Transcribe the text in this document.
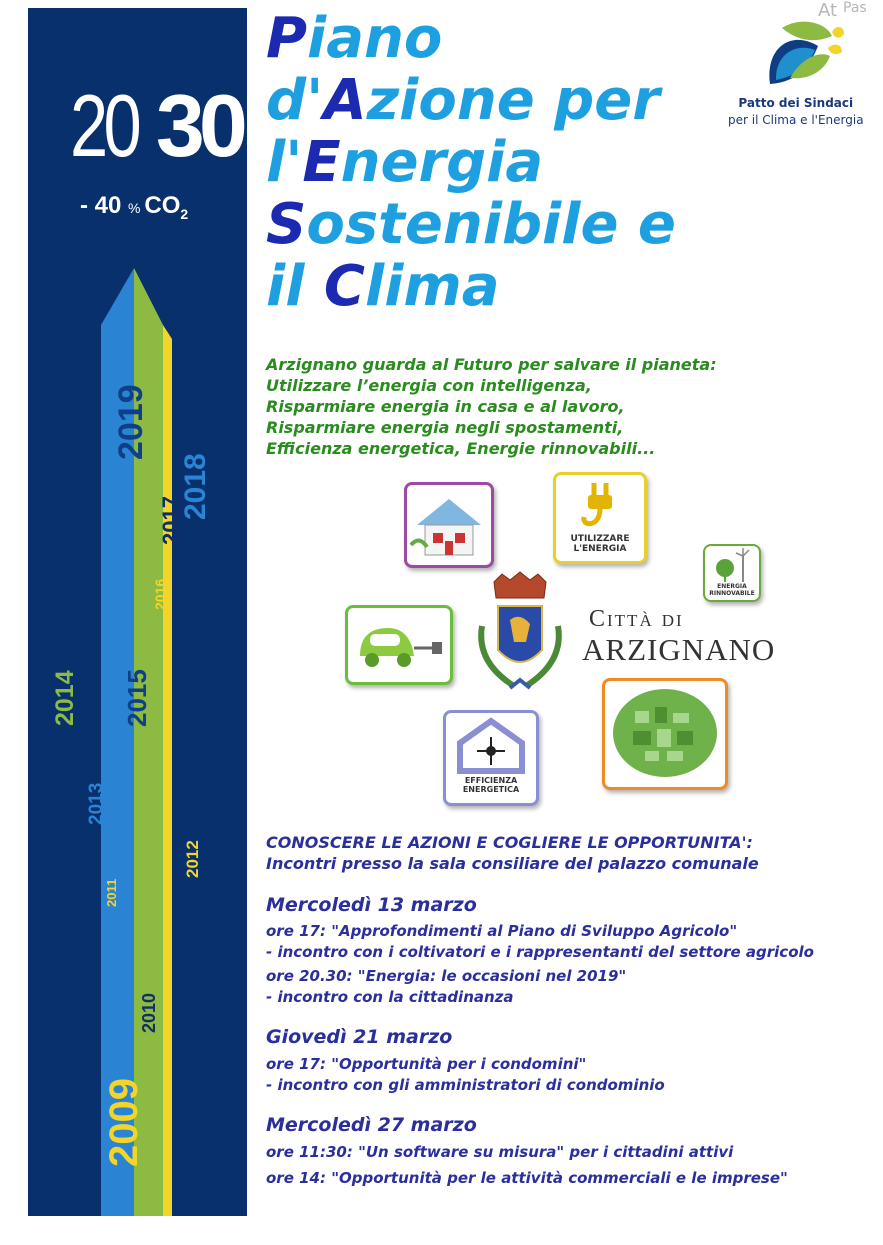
20 30
- 40 % $CO_2$
2019
2018
2017
2016
2015
2014
2013
2012
2011
2010
2009
At Pas
Patto dei Sindaci
per il Clima e l'Energia
Piano
d'Azione per
l'Energia
Sostenibile e
il Clima
Arzignano guarda al Futuro per salvare il pianeta:
Utilizzare l’energia con intelligenza,
Risparmiare energia in casa e al lavoro,
Risparmiare energia negli spostamenti,
Efficienza energetica, Energie rinnovabili...
UTILIZZARE
L'ENERGIA
ENERGIA
RINNOVABILE
EFFICIENZA
ENERGETICA
Città di
ARZIGNANO
CONOSCERE LE AZIONI E COGLIERE LE OPPORTUNITA':
Incontri presso la sala consiliare del palazzo comunale
Mercoledì 13 marzo
ore 17: "Approfondimenti al Piano di Sviluppo Agricolo"
- incontro con i coltivatori e i rappresentanti del settore agricolo
ore 20.30: "Energia: le occasioni nel 2019"
- incontro con la cittadinanza
Giovedì 21 marzo
ore 17: "Opportunità per i condomini"
- incontro con gli amministratori di condominio
Mercoledì 27 marzo
ore 11:30: "Un software su misura" per i cittadini attivi
ore 14: "Opportunità per le attività commerciali e le imprese"
